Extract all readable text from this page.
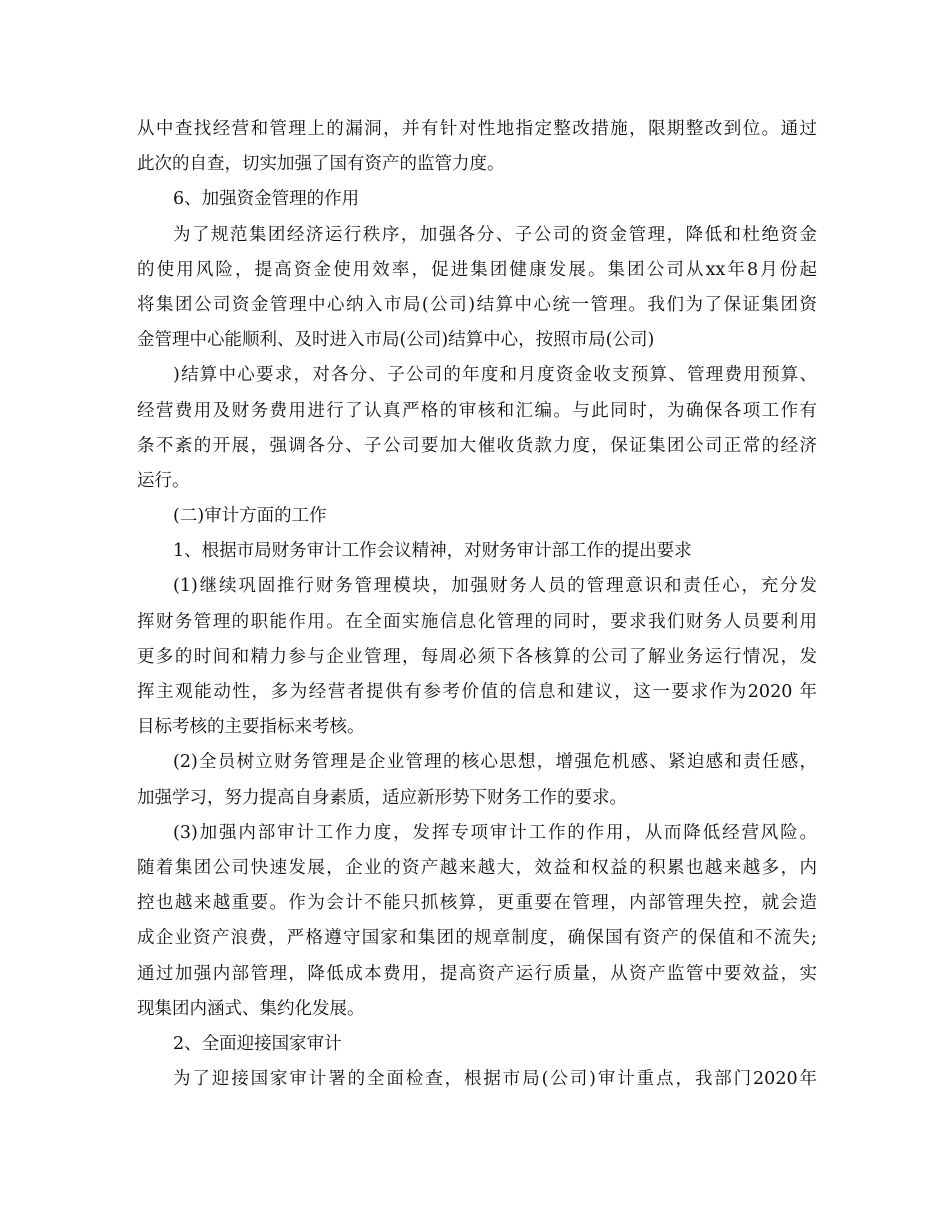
从中查找经营和管理上的漏洞，并有针对性地指定整改措施，限期整改到位。通过
此次的自查，切实加强了国有资产的监管力度。
6、加强资金管理的作用
为了规范集团经济运行秩序，加强各分、子公司的资金管理，降低和杜绝资金
的使用风险，提高资金使用效率，促进集团健康发展。集团公司从xx年8月份起
将集团公司资金管理中心纳入市局(公司)结算中心统一管理。我们为了保证集团资
金管理中心能顺利、及时进入市局(公司)结算中心，按照市局(公司)
)结算中心要求，对各分、子公司的年度和月度资金收支预算、管理费用预算、
经营费用及财务费用进行了认真严格的审核和汇编。与此同时，为确保各项工作有
条不紊的开展，强调各分、子公司要加大催收货款力度，保证集团公司正常的经济
运行。
(二)审计方面的工作
1、根据市局财务审计工作会议精神，对财务审计部工作的提出要求
(1)继续巩固推行财务管理模块，加强财务人员的管理意识和责任心，充分发
挥财务管理的职能作用。在全面实施信息化管理的同时，要求我们财务人员要利用
更多的时间和精力参与企业管理，每周必须下各核算的公司了解业务运行情况，发
挥主观能动性，多为经营者提供有参考价值的信息和建议，这一要求作为2020 年
目标考核的主要指标来考核。
(2)全员树立财务管理是企业管理的核心思想，增强危机感、紧迫感和责任感，
加强学习，努力提高自身素质，适应新形势下财务工作的要求。
(3)加强内部审计工作力度，发挥专项审计工作的作用，从而降低经营风险。
随着集团公司快速发展，企业的资产越来越大，效益和权益的积累也越来越多，内
控也越来越重要。作为会计不能只抓核算，更重要在管理，内部管理失控，就会造
成企业资产浪费，严格遵守国家和集团的规章制度，确保国有资产的保值和不流失;
通过加强内部管理，降低成本费用，提高资产运行质量，从资产监管中要效益，实
现集团内涵式、集约化发展。
2、全面迎接国家审计
为了迎接国家审计署的全面检查，根据市局(公司)审计重点，我部门2020年
